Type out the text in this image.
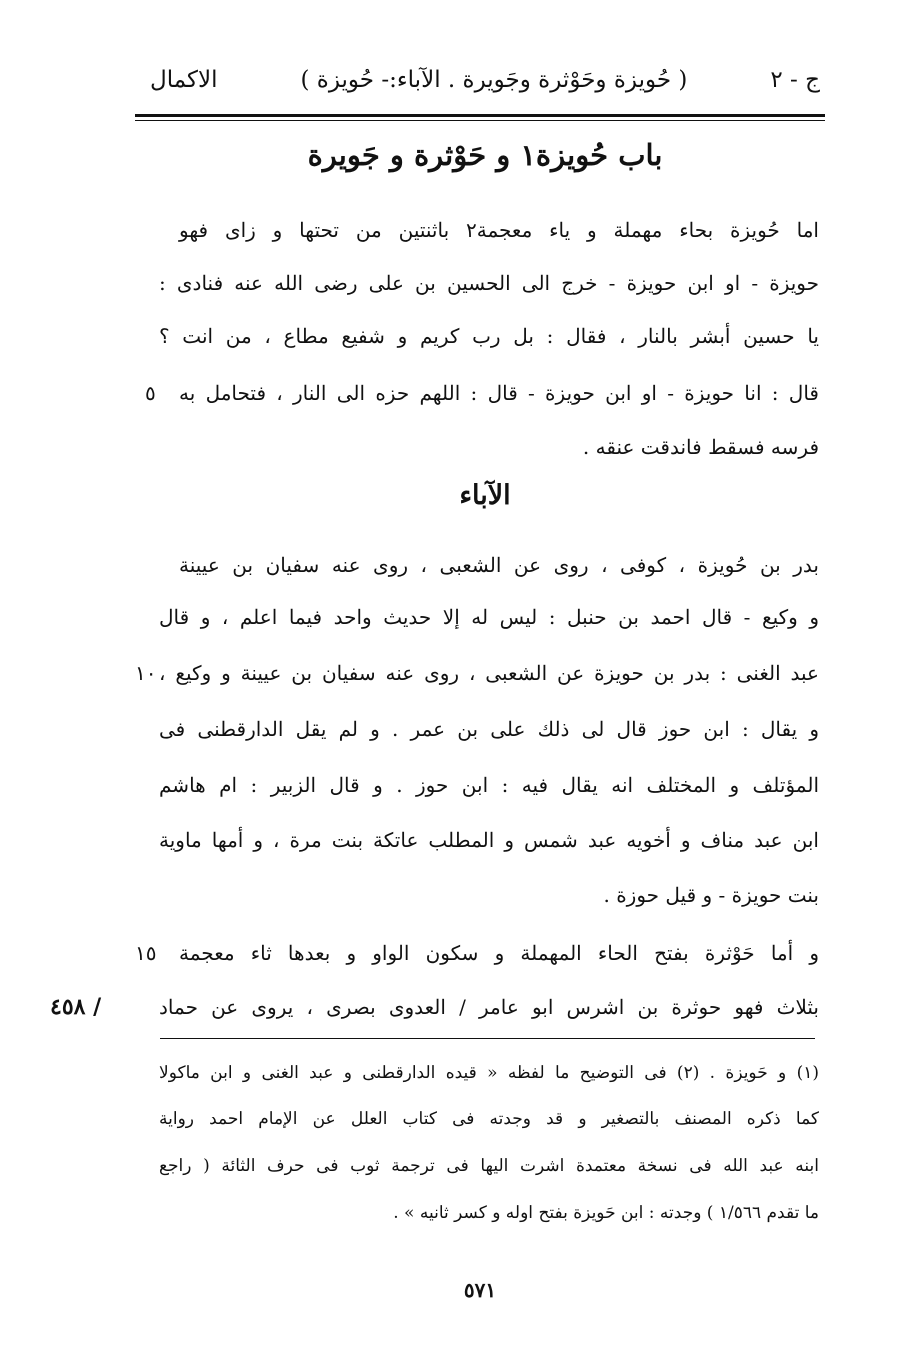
الاكمال	( حُويزة وحَوْثرة وجَويرة . الآباء:- حُويزة )	ج - ٢
باب حُويزة١ و حَوْثرة و جَويرة
اما حُويزة بحاء مهملة و ياء معجمة٢ باثنتين من تحتها و زاى فهو
حويزة - او ابن حويزة - خرج الى الحسين بن على رضى الله عنه فنادى :
يا حسين أبشر بالنار ، فقال : بل رب كريم و شفيع مطاع ، من انت ؟
قال : انا حويزة - او ابن حويزة - قال : اللهم حزه الى النار ، فتحامل به
٥
فرسه فسقط فاندقت عنقه .
الآباء
بدر بن حُويزة ، كوفى ، روى عن الشعبى ، روى عنه سفيان بن عيينة
و وكيع - قال احمد بن حنبل : ليس له إلا حديث واحد فيما اعلم ، و قال
عبد الغنى : بدر بن حويزة عن الشعبى ، روى عنه سفيان بن عيينة و وكيع ،
١٠
و يقال : ابن حوز قال لى ذلك على بن عمر . و لم يقل الدارقطنى فى
المؤتلف و المختلف انه يقال فيه : ابن حوز . و قال الزبير : ام هاشم
ابن عبد مناف و أخويه عبد شمس و المطلب عاتكة بنت مرة ، و أمها ماوية
بنت حويزة - و قيل حوزة .
و أما حَوْثرة بفتح الحاء المهملة و سكون الواو و بعدها ثاء معجمة
١٥
بثلاث فهو حوثرة بن اشرس ابو عامر / العدوى بصرى ، يروى عن حماد
٤٥٨ /
(١) و حَويزة . (٢) فى التوضيح ما لفظه « قيده الدارقطنى و عبد الغنى و ابن ماكولا
كما ذكره المصنف بالتصغير و قد وجدته فى كتاب العلل عن الإمام احمد رواية
ابنه عبد الله فى نسخة معتمدة اشرت اليها فى ترجمة ثوب فى حرف الثائة ( راجع
ما تقدم ١/٥٦٦ ) وجدته : ابن حَويزة بفتح اوله و كسر ثانيه » .
٥٧١
